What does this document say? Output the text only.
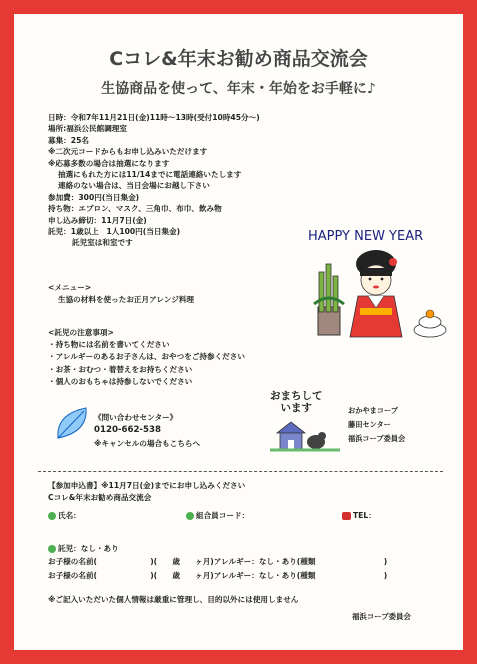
Cコレ&年末お勧め商品交流会
生協商品を使って、年末・年始をお手軽に♪
日時：令和7年11月21日(金)11時〜13時(受付10時45分〜)
場所:福浜公民館調理室
募集：25名
※二次元コードからもお申し込みいただけます
※応募多数の場合は抽選になります
抽選にもれた方には11/14までに電話連絡いたします
連絡のない場合は、当日会場にお越し下さい
参加費：300円(当日集金)
持ち物：エプロン、マスク、三角巾、布巾、飲み物
申し込み締切：11月7日(金)
託児：1歳以上　1人100円(当日集金)
託児室は和室です
<メニュー>
生協の材料を使ったお正月アレンジ料理
<託児の注意事項>
・持ち物には名前を書いてください
・アレルギーのあるお子さんは、おやつをご持参ください
・お茶・おむつ・着替えをお持ちください
・個人のおもちゃは持参しないでください
HAPPY NEW YEAR
《問い合わせセンター》
0120-662-538
※キャンセルの場合もこちらへ
おまちして
います	おかやまコープ
藤田センター
福浜コープ委員会
【参加申込書】※11月7日(金)までにお申し込みください
Cコレ&年末お勧め商品交流会
氏名：	組合員コード：	TEL：
託児：なし・あり
お子様の名前(　　　　　　　)(　　歳　　ヶ月)アレルギー：なし・あり(種類　　　　　　　　　)
お子様の名前(　　　　　　　)(　　歳　　ヶ月)アレルギー：なし・あり(種類　　　　　　　　　)
※ご記入いただいた個人情報は厳重に管理し、目的以外には使用しません
福浜コープ委員会
